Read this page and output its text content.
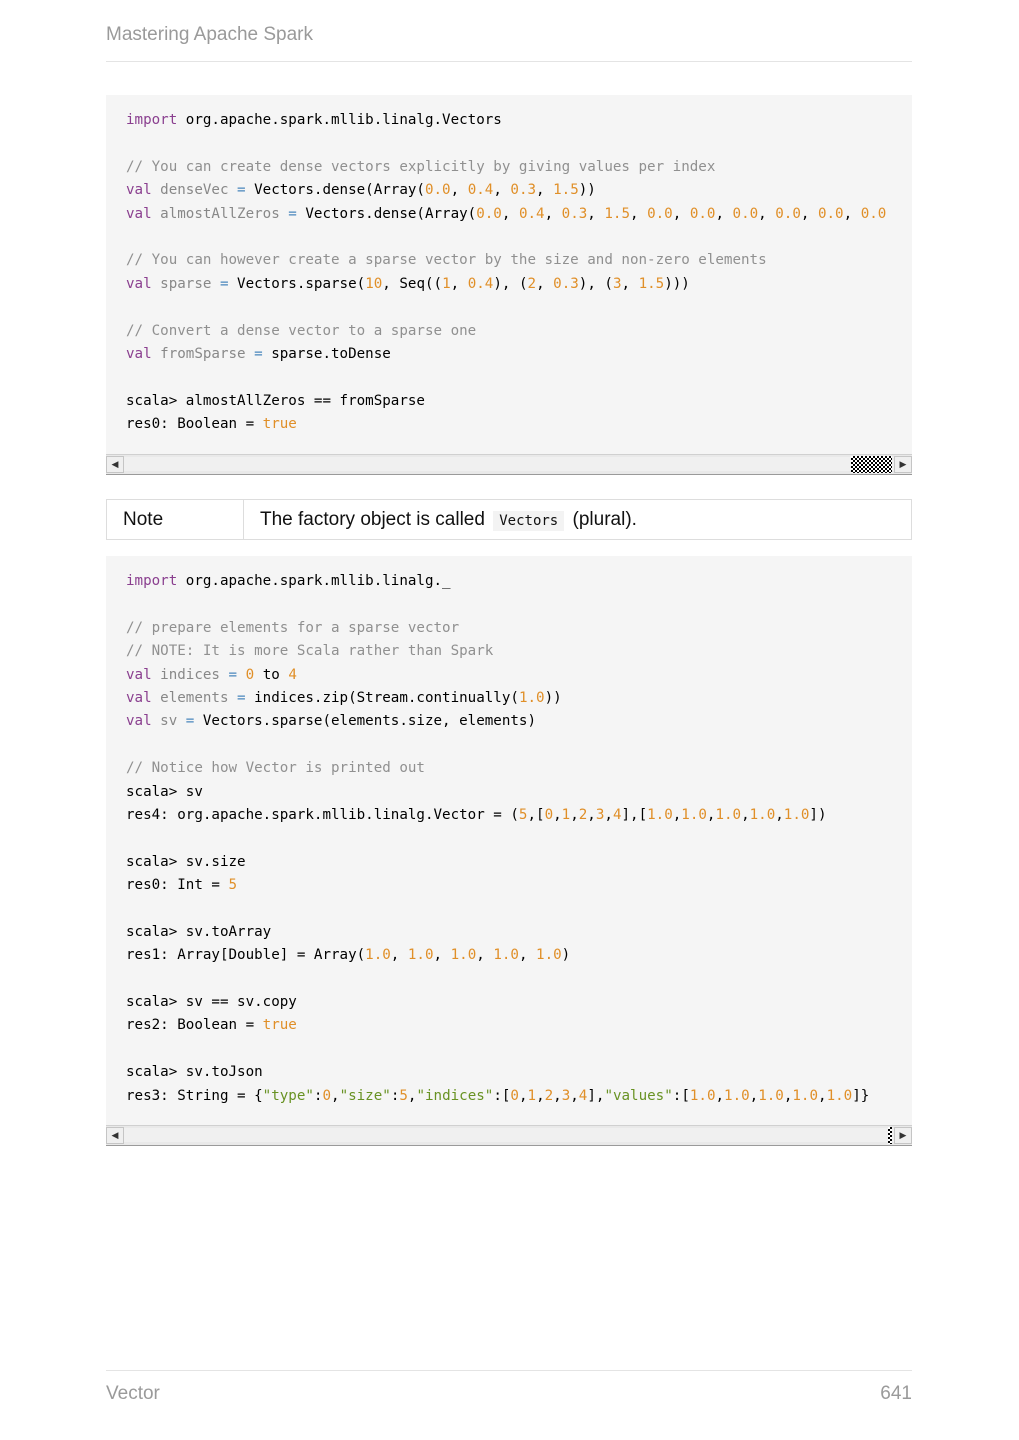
Mastering Apache Spark
import org.apache.spark.mllib.linalg.Vectors
// You can create dense vectors explicitly by giving values per index
val denseVec = Vectors.dense(Array(0.0, 0.4, 0.3, 1.5))
val almostAllZeros = Vectors.dense(Array(0.0, 0.4, 0.3, 1.5, 0.0, 0.0, 0.0, 0.0, 0.0, 0.0
// You can however create a sparse vector by the size and non-zero elements
val sparse = Vectors.sparse(10, Seq((1, 0.4), (2, 0.3), (3, 1.5)))
// Convert a dense vector to a sparse one
val fromSparse = sparse.toDense
scala> almostAllZeros == fromSparse
res0: Boolean = true
◀	▶
Note	The factory object is called Vectors (plural).
import org.apache.spark.mllib.linalg._
// prepare elements for a sparse vector
// NOTE: It is more Scala rather than Spark
val indices = 0 to 4
val elements = indices.zip(Stream.continually(1.0))
val sv = Vectors.sparse(elements.size, elements)
// Notice how Vector is printed out
scala> sv
res4: org.apache.spark.mllib.linalg.Vector = (5,[0,1,2,3,4],[1.0,1.0,1.0,1.0,1.0])
scala> sv.size
res0: Int = 5
scala> sv.toArray
res1: Array[Double] = Array(1.0, 1.0, 1.0, 1.0, 1.0)
scala> sv == sv.copy
res2: Boolean = true
scala> sv.toJson
res3: String = {"type":0,"size":5,"indices":[0,1,2,3,4],"values":[1.0,1.0,1.0,1.0,1.0]}
◀	▶
Vector	641
